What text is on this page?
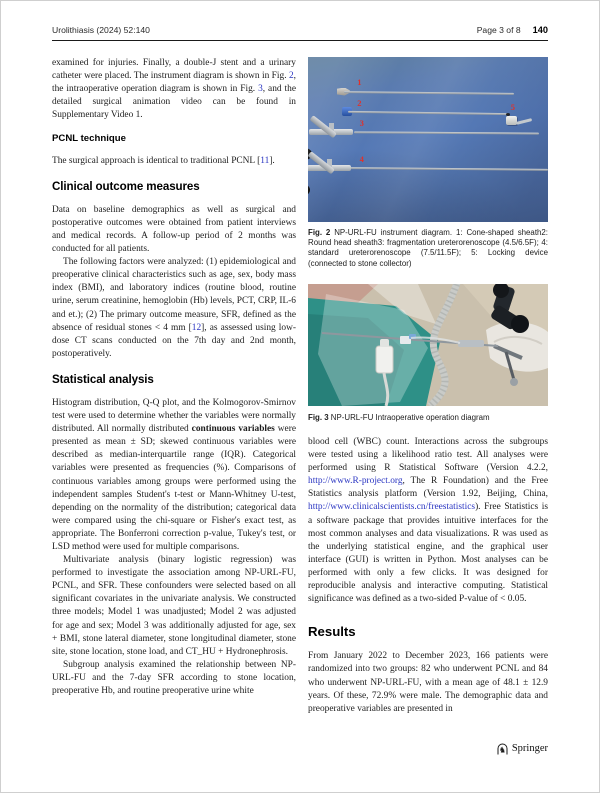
Urolithiasis (2024) 52:140	Page 3 of 8 140

examined for injuries. Finally, a double-J stent and a urinary catheter were placed. The instrument diagram is shown in Fig. 2, the intraoperative operation diagram is shown in Fig. 3, and the detailed surgical animation video can be found in Supplementary Video 1.

PCNL technique

The surgical approach is identical to traditional PCNL [11].

Clinical outcome measures

Data on baseline demographics as well as surgical and postoperative outcomes were obtained from patient interviews and medical records. A follow-up period of 2 months was conducted for all patients.

The following factors were analyzed: (1) epidemiological and preoperative clinical characteristics such as age, sex, body mass index (BMI), and laboratory indices (routine blood, routine urine, serum creatinine, hemoglobin (Hb) levels, PCT, CRP, IL-6 and et.); (2) The primary outcome measure, SFR, defined as the absence of residual stones < 4 mm [12], as assessed using low-dose CT scans conducted on the 7th day and 2nd month, postoperatively.

Statistical analysis

Histogram distribution, Q-Q plot, and the Kolmogorov-Smirnov test were used to determine whether the variables were normally distributed. All normally distributed continuous variables were presented as mean ± SD; skewed continuous variables were described as median-interquartile range (IQR). Categorical variables were presented as frequencies (%). Comparisons of continuous variables among groups were performed using the independent samples Student's t-test or Mann-Whitney U-test, depending on the normality of the distribution; categorical data were compared using the chi-square or Fisher's exact test, as appropriate. The Bonferroni correction p-value, Tukey's test, or LSD method were used for multiple comparisons.

Multivariate analysis (binary logistic regression) was performed to investigate the association among NP-URL-FU, PCNL, and SFR. These confounders were selected based on all significant covariates in the univariate analysis. We constructed three models; Model 1 was unadjusted; Model 2 was adjusted for age and sex; Model 3 was additionally adjusted for age, sex + BMI, stone lateral diameter, stone longitudinal diameter, stone site, stone location, stone load, and CT_HU + Hydronephrosis.

Subgroup analysis examined the relationship between NP-URL-FU and the 7-day SFR according to stone location, preoperative Hb, and routine preoperative urine white

1
2
3
4
5
Fig. 2 NP-URL-FU instrument diagram. 1: Cone-shaped sheath2: Round head sheath3: fragmentation ureterorenoscope (4.5/6.5F); 4: standard ureterorenoscope (7.5/11.5F); 5: Locking device (connected to stone collector)
Fig. 3 NP-URL-FU Intraoperative operation diagram

blood cell (WBC) count. Interactions across the subgroups were tested using a likelihood ratio test. All analyses were performed using R Statistical Software (Version 4.2.2, http://www.R-project.org, The R Foundation) and the Free Statistics analysis platform (Version 1.92, Beijing, China, http://www.clinicalscientists.cn/freestatistics). Free Statistics is a software package that provides intuitive interfaces for the most common analyses and data visualizations. R was used as the underlying statistical engine, and the graphical user interface (GUI) is written in Python. Most analyses can be performed with only a few clicks. It was designed for reproducible analysis and interactive computing. Statistical significance was defined as a two-sided P-value of < 0.05.

Results

From January 2022 to December 2023, 166 patients were randomized into two groups: 82 who underwent PCNL and 84 who underwent NP-URL-FU, with a mean age of 48.1 ± 12.9 years. Of these, 72.9% were male. The demographic data and preoperative variables are presented in

♞ Springer
